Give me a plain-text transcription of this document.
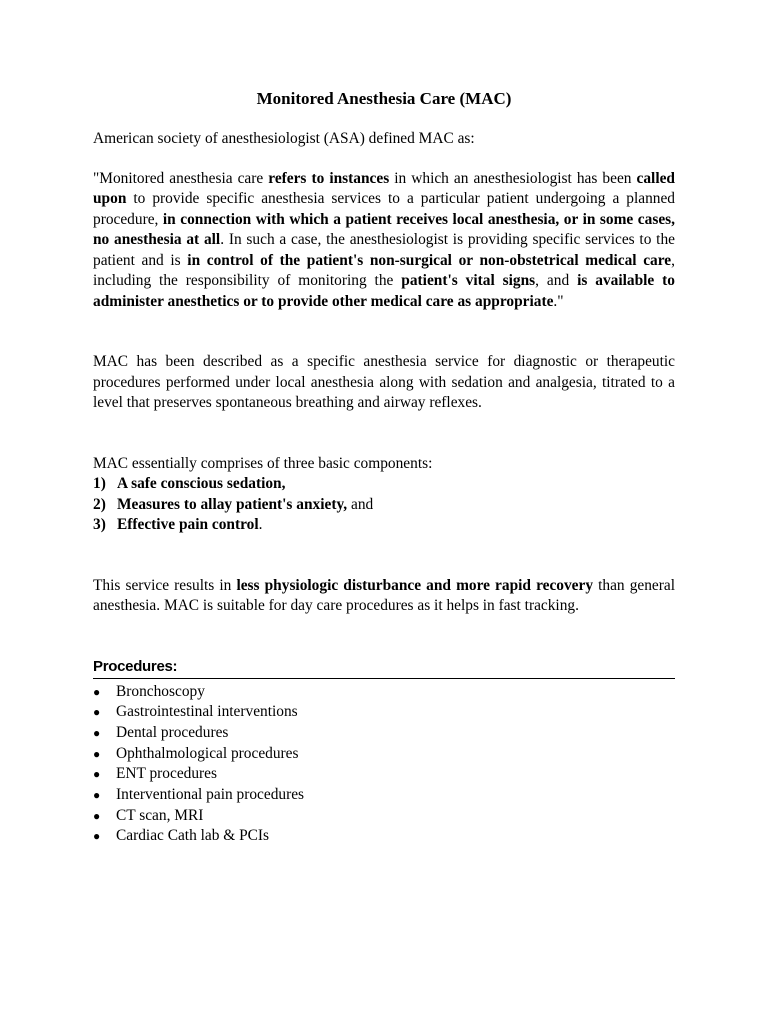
Monitored Anesthesia Care (MAC)

American society of anesthesiologist (ASA) defined MAC as:

"Monitored anesthesia care refers to instances in which an anesthesiologist has been called upon to provide specific anesthesia services to a particular patient undergoing a planned procedure, in connection with which a patient receives local anesthesia, or in some cases, no anesthesia at all. In such a case, the anesthesiologist is providing specific services to the patient and is in control of the patient's non-surgical or non-obstetrical medical care, including the responsibility of monitoring the patient's vital signs, and is available to administer anesthetics or to provide other medical care as appropriate."

MAC has been described as a specific anesthesia service for diagnostic or therapeutic procedures performed under local anesthesia along with sedation and analgesia, titrated to a level that preserves spontaneous breathing and airway reflexes.

MAC essentially comprises of three basic components:

1) A safe conscious sedation,
2) Measures to allay patient's anxiety, and
3) Effective pain control.

This service results in less physiologic disturbance and more rapid recovery than general anesthesia. MAC is suitable for day care procedures as it helps in fast tracking.

Procedures:
● Bronchoscopy
● Gastrointestinal interventions
● Dental procedures
● Ophthalmological procedures
● ENT procedures
● Interventional pain procedures
● CT scan, MRI
● Cardiac Cath lab & PCIs
